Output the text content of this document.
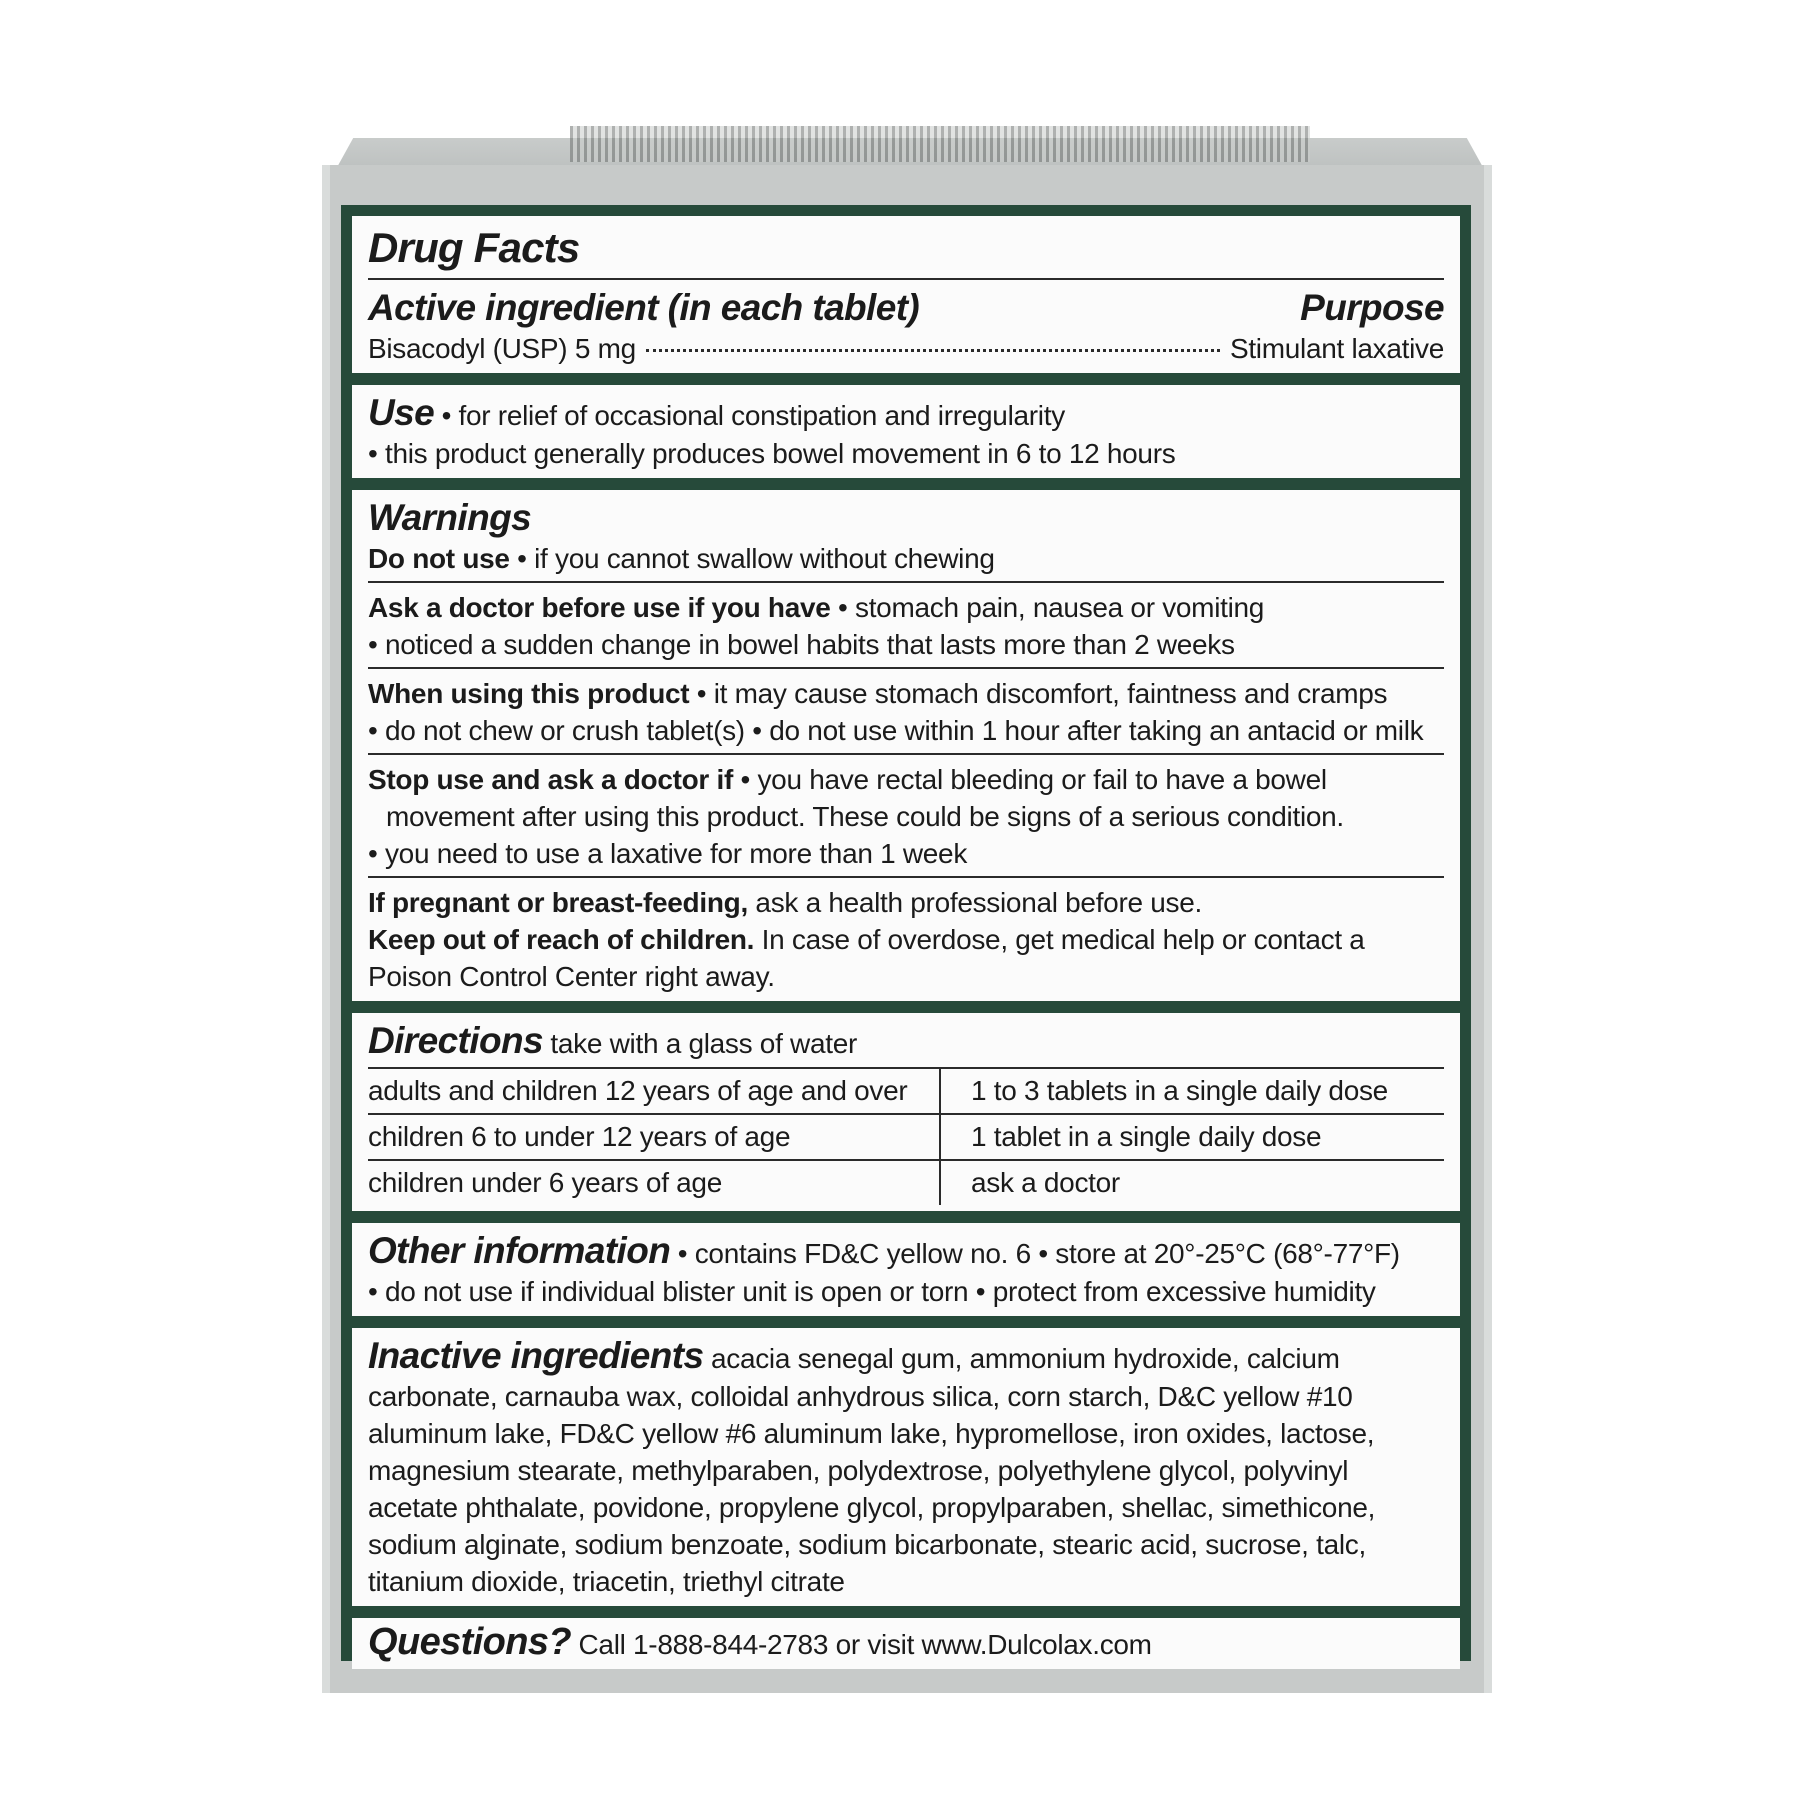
Drug Facts
Active ingredient (in each tablet)	Purpose
Bisacodyl (USP) 5 mg	Stimulant laxative
Use • for relief of occasional constipation and irregularity
• this product generally produces bowel movement in 6 to 12 hours
Warnings
Do not use • if you cannot swallow without chewing
Ask a doctor before use if you have • stomach pain, nausea or vomiting
• noticed a sudden change in bowel habits that lasts more than 2 weeks
When using this product • it may cause stomach discomfort, faintness and cramps
• do not chew or crush tablet(s) • do not use within 1 hour after taking an antacid or milk
Stop use and ask a doctor if • you have rectal bleeding or fail to have a bowel
movement after using this product. These could be signs of a serious condition.
• you need to use a laxative for more than 1 week
If pregnant or breast-feeding, ask a health professional before use.
Keep out of reach of children. In case of overdose, get medical help or contact a Poison Control Center right away.
Directions take with a glass of water
adults and children 12 years of age and over	1 to 3 tablets in a single daily dose
children 6 to under 12 years of age	1 tablet in a single daily dose
children under 6 years of age	ask a doctor
Other information • contains FD&C yellow no. 6 • store at 20°-25°C (68°-77°F)
• do not use if individual blister unit is open or torn • protect from excessive humidity
Inactive ingredients acacia senegal gum, ammonium hydroxide, calcium carbonate, carnauba wax, colloidal anhydrous silica, corn starch, D&C yellow #10 aluminum lake, FD&C yellow #6 aluminum lake, hypromellose, iron oxides, lactose, magnesium stearate, methylparaben, polydextrose, polyethylene glycol, polyvinyl acetate phthalate, povidone, propylene glycol, propylparaben, shellac, simethicone, sodium alginate, sodium benzoate, sodium bicarbonate, stearic acid, sucrose, talc, titanium dioxide, triacetin, triethyl citrate
Questions? Call 1-888-844-2783 or visit www.Dulcolax.com
